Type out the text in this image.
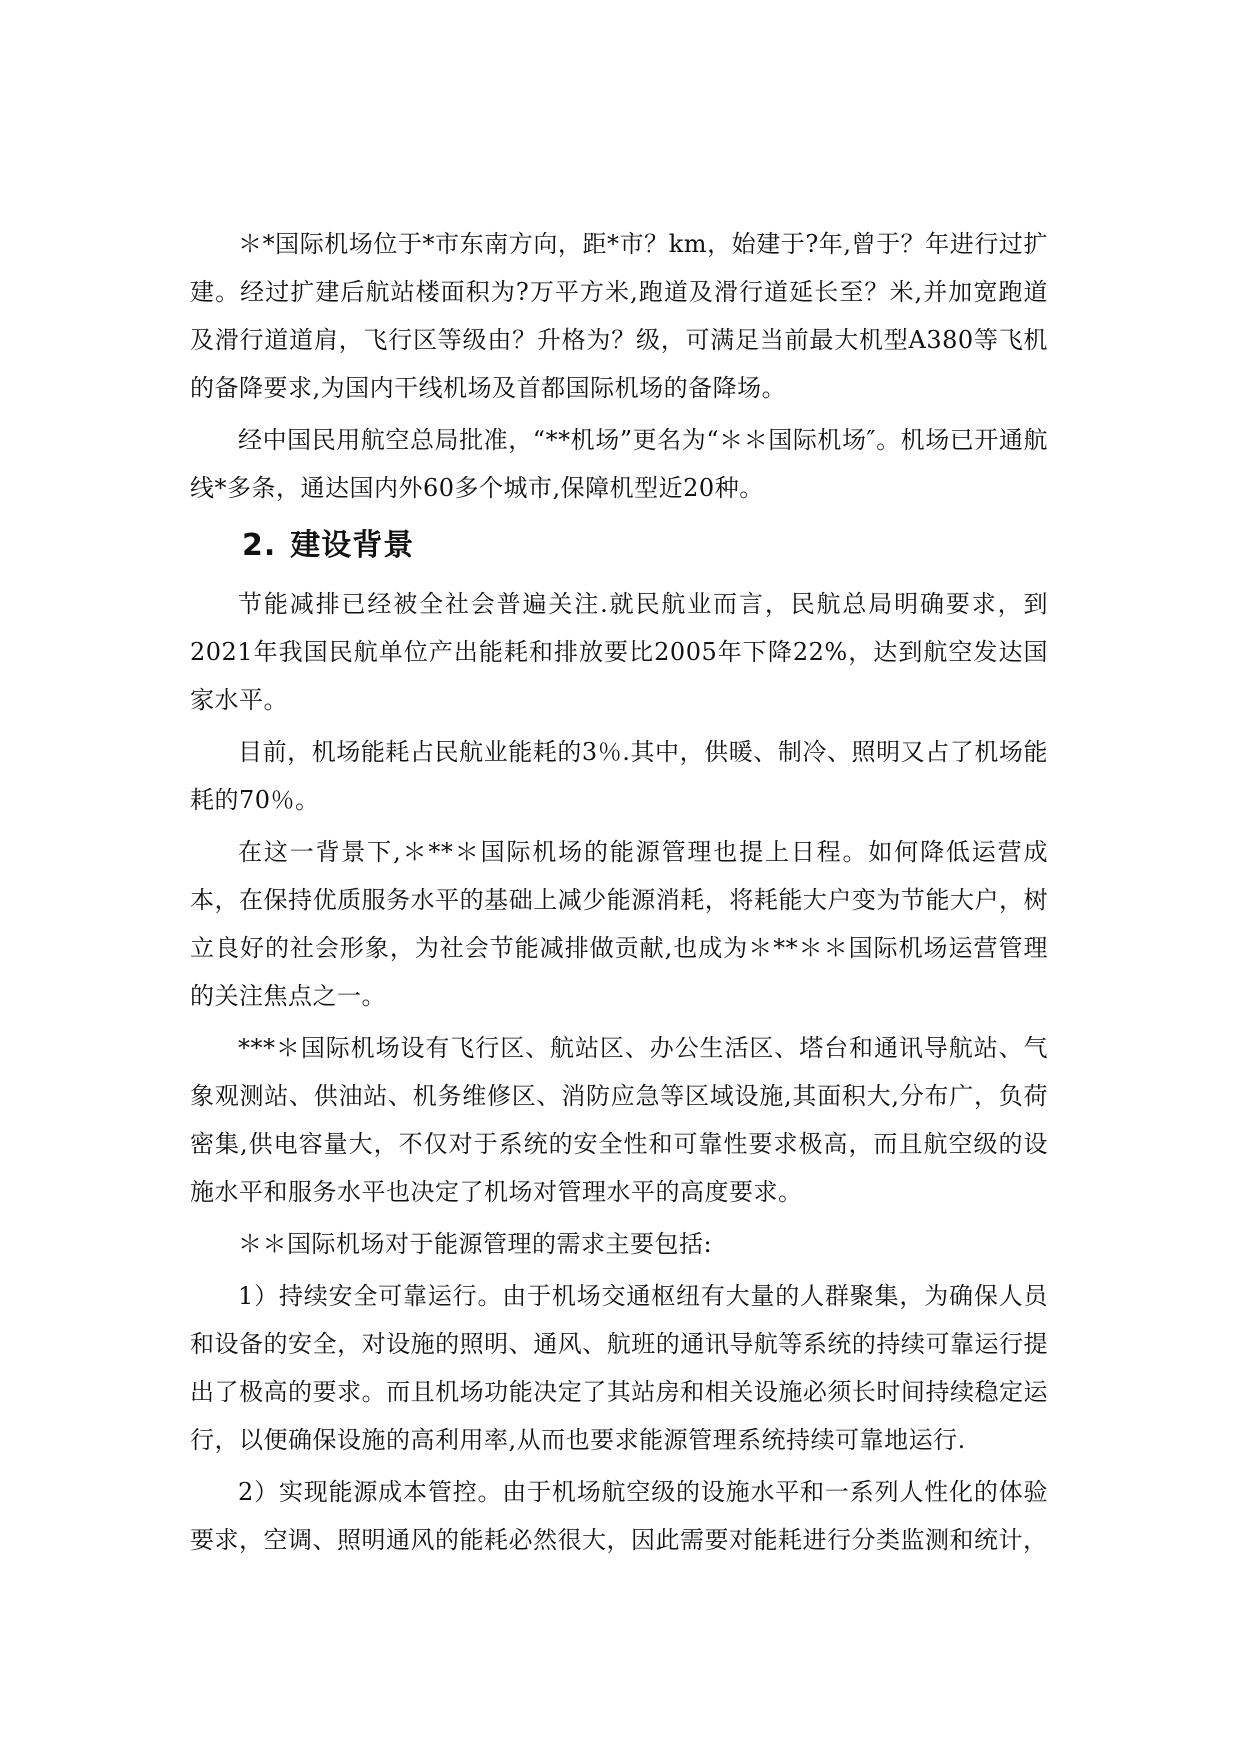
＊*国际机场位于*市东南方向，距*市？km，始建于?年,曾于？年进行过扩建。经过扩建后航站楼面积为?万平方米,跑道及滑行道延长至？米,并加宽跑道及滑行道道肩，飞行区等级由？升格为？级，可满足当前最大机型A380等飞机的备降要求,为国内干线机场及首都国际机场的备降场。

经中国民用航空总局批准，“**机场”更名为“＊＊国际机场″。机场已开通航线*多条，通达国内外60多个城市,保障机型近20种。

2. 建设背景

节能减排已经被全社会普遍关注.就民航业而言，民航总局明确要求，到2021年我国民航单位产出能耗和排放要比2005年下降22%，达到航空发达国家水平。

目前，机场能耗占民航业能耗的3％.其中，供暖、制冷、照明又占了机场能耗的70％。

在这一背景下,＊**＊国际机场的能源管理也提上日程。如何降低运营成本，在保持优质服务水平的基础上减少能源消耗，将耗能大户变为节能大户，树立良好的社会形象，为社会节能减排做贡献,也成为＊**＊＊国际机场运营管理的关注焦点之一。

***＊国际机场设有飞行区、航站区、办公生活区、塔台和通讯导航站、气象观测站、供油站、机务维修区、消防应急等区域设施,其面积大,分布广，负荷密集,供电容量大，不仅对于系统的安全性和可靠性要求极高，而且航空级的设施水平和服务水平也决定了机场对管理水平的高度要求。

＊＊国际机场对于能源管理的需求主要包括:

1）持续安全可靠运行。由于机场交通枢纽有大量的人群聚集，为确保人员和设备的安全，对设施的照明、通风、航班的通讯导航等系统的持续可靠运行提出了极高的要求。而且机场功能决定了其站房和相关设施必须长时间持续稳定运行，以便确保设施的高利用率,从而也要求能源管理系统持续可靠地运行.

2）实现能源成本管控。由于机场航空级的设施水平和一系列人性化的体验要求，空调、照明通风的能耗必然很大，因此需要对能耗进行分类监测和统计，
